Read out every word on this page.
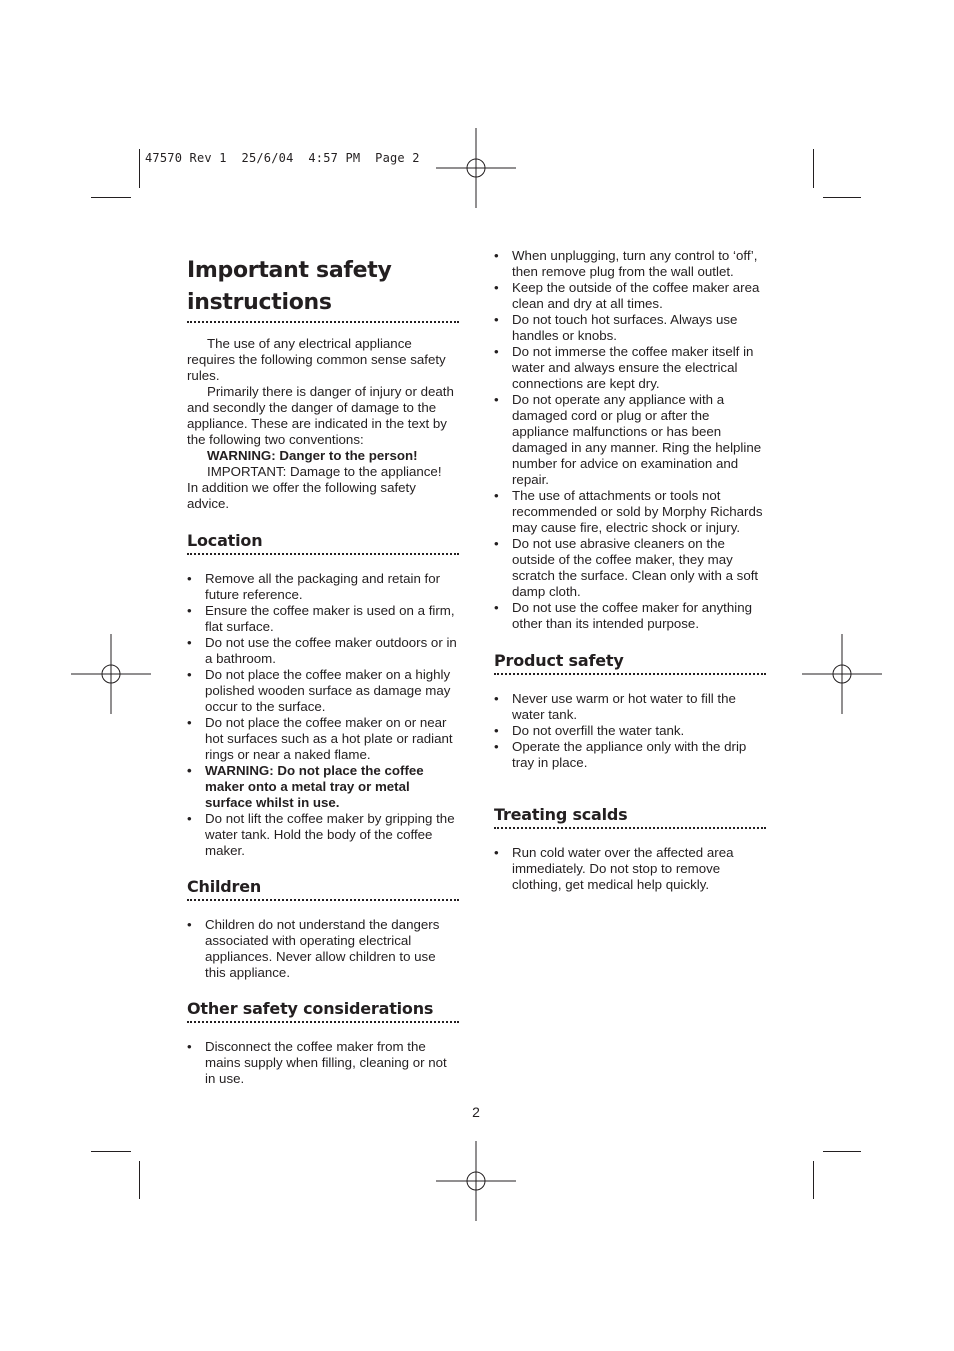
47570 Rev 1  25/6/04  4:57 PM  Page 2
Important safety
instructions

The use of any electrical appliance requires the following common sense safety rules.

Primarily there is danger of injury or death and secondly the danger of damage to the appliance. These are indicated in the text by the following two conventions:

WARNING: Danger to the person!

IMPORTANT: Damage to the appliance!

In addition we offer the following safety advice.

Location
•	Remove all the packaging and retain for future reference.
•	Ensure the coffee maker is used on a firm, flat surface.
•	Do not use the coffee maker outdoors or in a bathroom.
•	Do not place the coffee maker on a highly polished wooden surface as damage may occur to the surface.
•	Do not place the coffee maker on or near hot surfaces such as a hot plate or radiant rings or near a naked flame.
•	WARNING: Do not place the coffee maker onto a metal tray or metal surface whilst in use.
•	Do not lift the coffee maker by gripping the water tank. Hold the body of the coffee maker.
Children
•	Children do not understand the dangers associated with operating electrical appliances. Never allow children to use this appliance.
Other safety considerations
•	Disconnect the coffee maker from the mains supply when filling, cleaning or not in use.
•	When unplugging, turn any control to ‘off’, then remove plug from the wall outlet.
•	Keep the outside of the coffee maker area clean and dry at all times.
•	Do not touch hot surfaces. Always use handles or knobs.
•	Do not immerse the coffee maker itself in water and always ensure the electrical connections are kept dry.
•	Do not operate any appliance with a damaged cord or plug or after the appliance malfunctions or has been damaged in any manner. Ring the helpline number for advice on examination and repair.
•	The use of attachments or tools not recommended or sold by Morphy Richards may cause fire, electric shock or injury.
•	Do not use abrasive cleaners on the outside of the coffee maker, they may scratch the surface. Clean only with a soft damp cloth.
•	Do not use the coffee maker for anything other than its intended purpose.
Product safety
•	Never use warm or hot water to fill the water tank.
•	Do not overfill the water tank.
•	Operate the appliance only with the drip tray in place.
Treating scalds
•	Run cold water over the affected area immediately. Do not stop to remove clothing, get medical help quickly.
2
